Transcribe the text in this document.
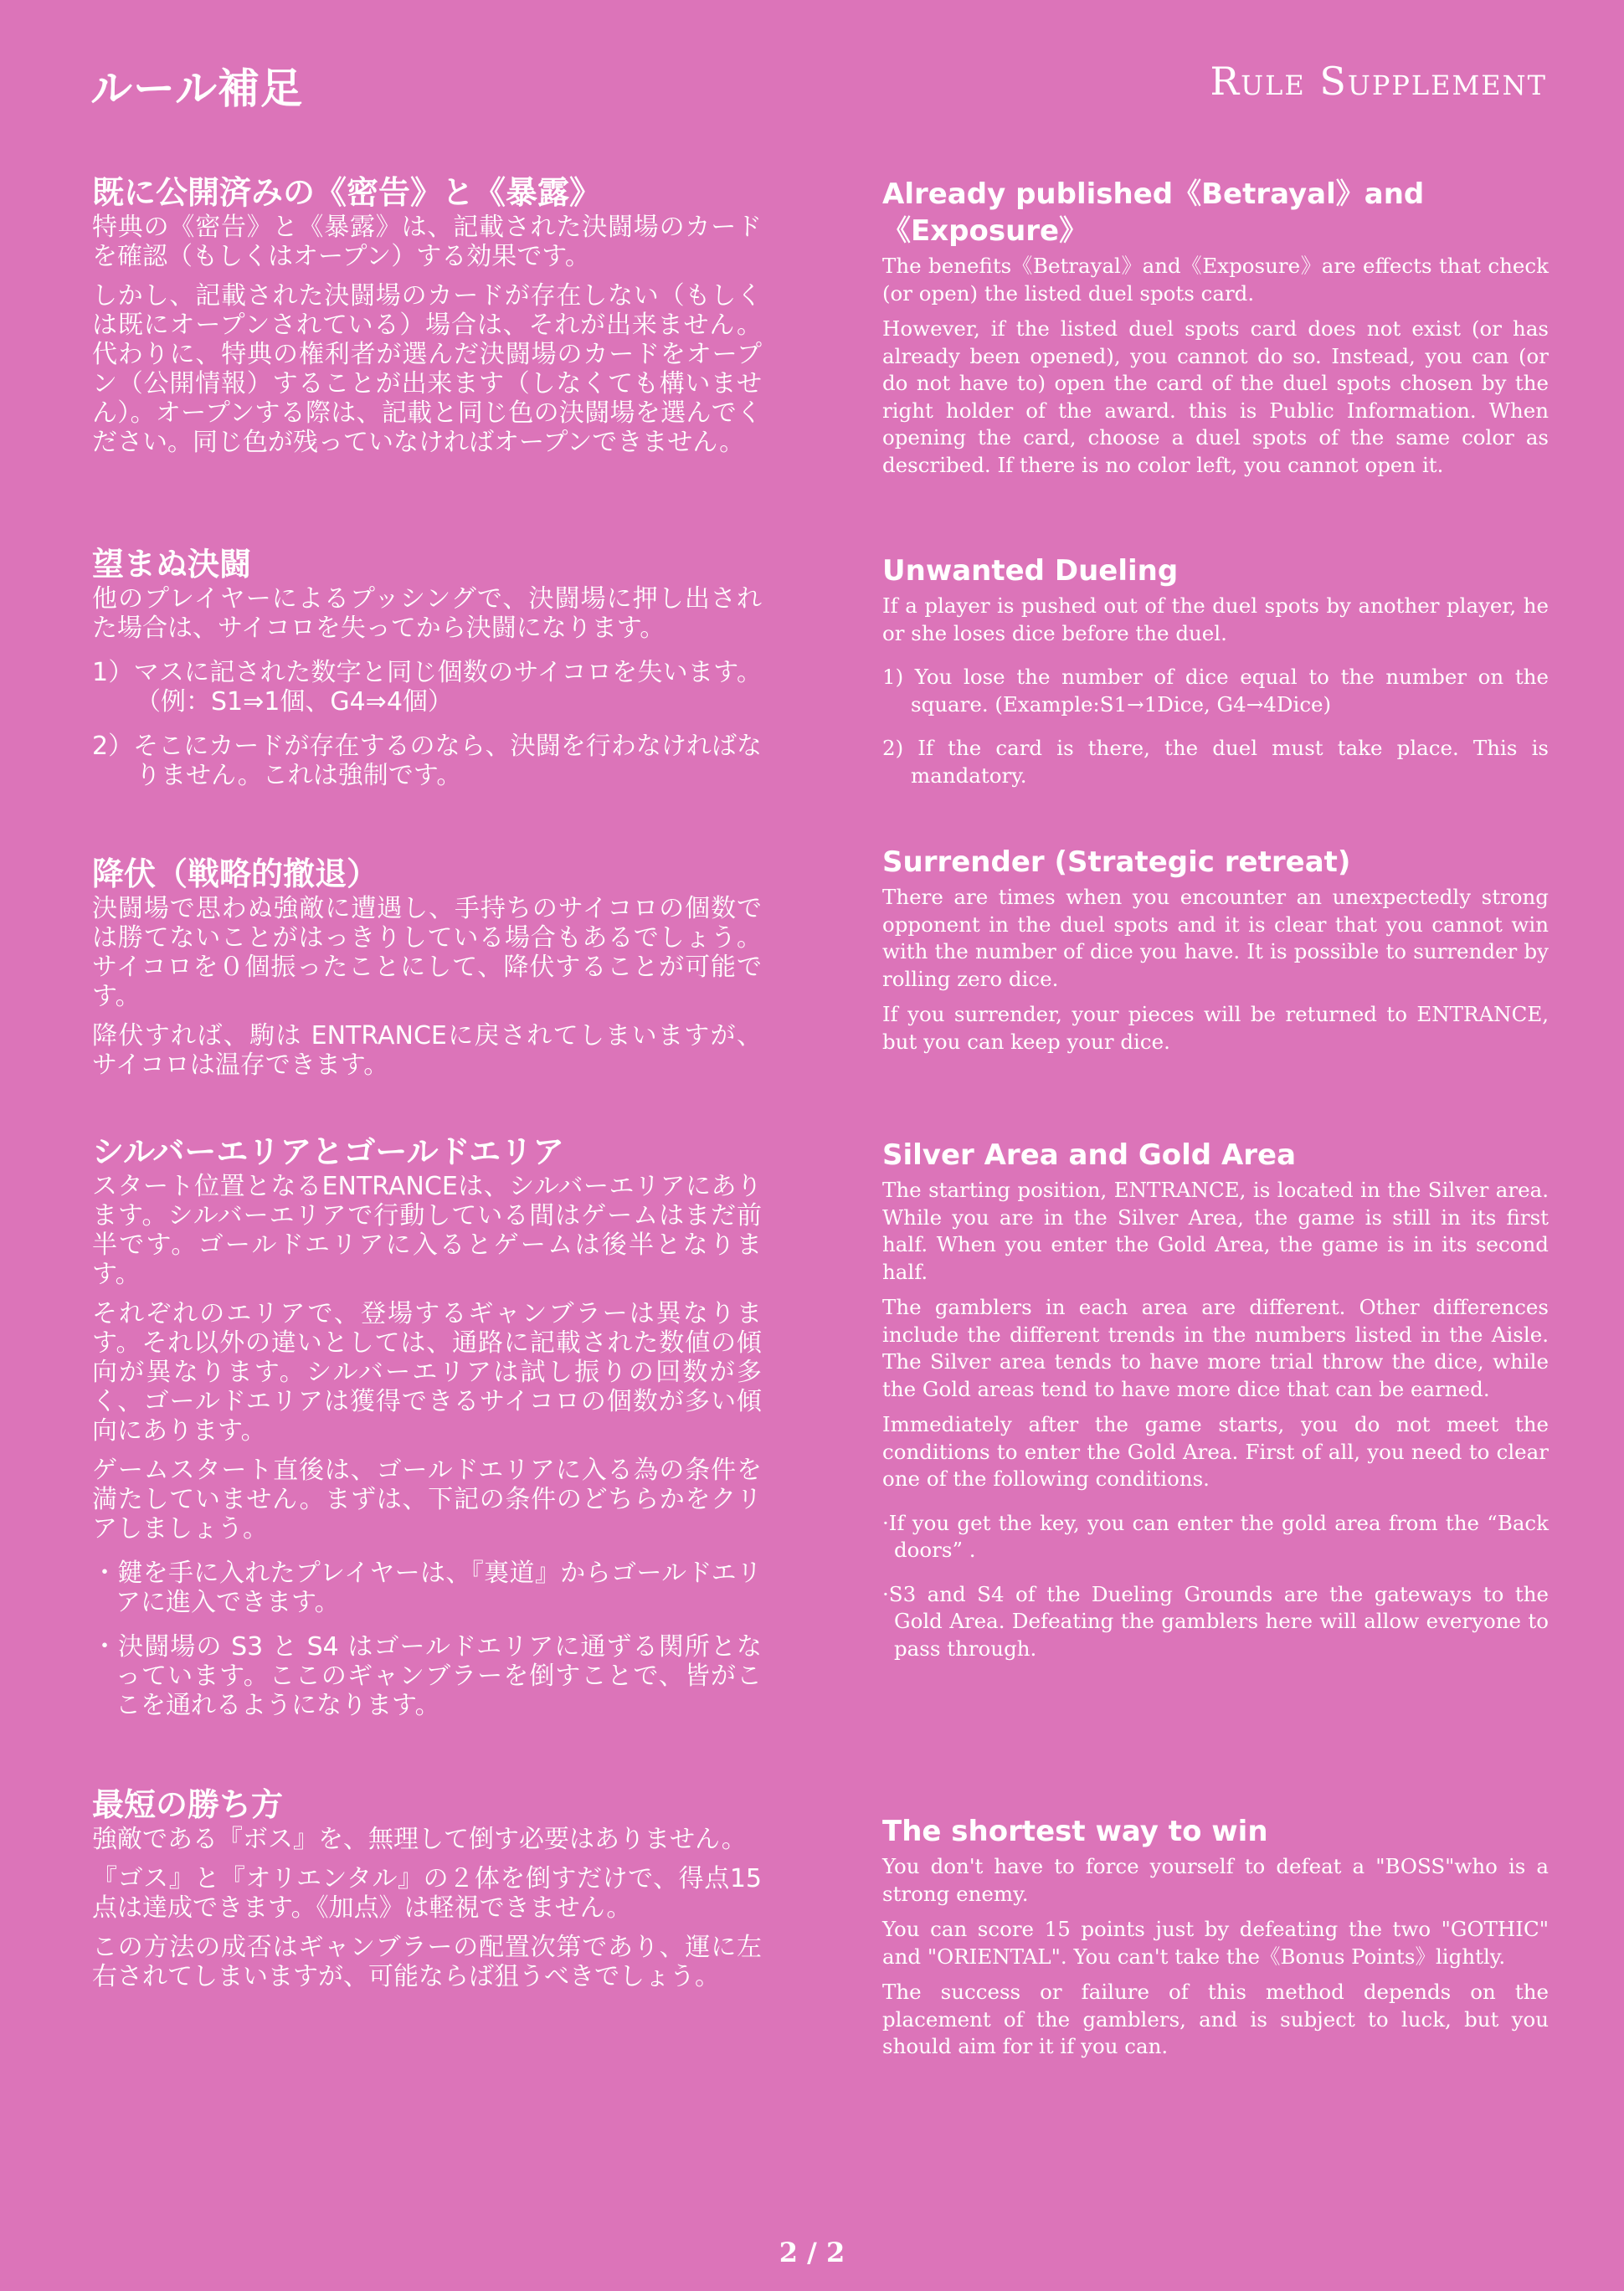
ルール補足	Rule Supplement
既に公開済みの《密告》と《暴露》

特典の《密告》と《暴露》は、記載された決闘場のカードを確認（もしくはオープン）する効果です。

しかし、記載された決闘場のカードが存在しない（もしくは既にオープンされている）場合は、それが出来ません。代わりに、特典の権利者が選んだ決闘場のカードをオープン（公開情報）することが出来ます（しなくても構いません）。オープンする際は、記載と同じ色の決闘場を選んでください。同じ色が残っていなければオープンできません。

Already published《Betrayal》and《Exposure》

The benefits《Betrayal》and《Exposure》are effects that check (or open) the listed duel spots card.

However, if the listed duel spots card does not exist (or has already been opened), you cannot do so. Instead, you can (or do not have to) open the card of the duel spots chosen by the right holder of the award. this is Public Information. When opening the card, choose a duel spots of the same color as described. If there is no color left, you cannot open it.

望まぬ決闘

他のプレイヤーによるプッシングで、決闘場に押し出された場合は、サイコロを失ってから決闘になります。

1）マスに記された数字と同じ個数のサイコロを失います。（例：S1⇒1個、G4⇒4個）

2）そこにカードが存在するのなら、決闘を行わなければなりません。これは強制です。

Unwanted Dueling

If a player is pushed out of the duel spots by another player, he or she loses dice before the duel.

1) You lose the number of dice equal to the number on the square. (Example:S1→1Dice, G4→4Dice)

2) If the card is there, the duel must take place. This is mandatory.

降伏（戦略的撤退）

決闘場で思わぬ強敵に遭遇し、手持ちのサイコロの個数では勝てないことがはっきりしている場合もあるでしょう。サイコロを０個振ったことにして、降伏することが可能です。

降伏すれば、駒は ENTRANCEに戻されてしまいますが、サイコロは温存できます。

Surrender (Strategic retreat)

There are times when you encounter an unexpectedly strong opponent in the duel spots and it is clear that you cannot win with the number of dice you have. It is possible to surrender by rolling zero dice.

If you surrender, your pieces will be returned to ENTRANCE, but you can keep your dice.

シルバーエリアとゴールドエリア

スタート位置となるENTRANCEは、シルバーエリアにあります。シルバーエリアで行動している間はゲームはまだ前半です。ゴールドエリアに入るとゲームは後半となります。

それぞれのエリアで、登場するギャンブラーは異なります。それ以外の違いとしては、通路に記載された数値の傾向が異なります。シルバーエリアは試し振りの回数が多く、ゴールドエリアは獲得できるサイコロの個数が多い傾向にあります。

ゲームスタート直後は、ゴールドエリアに入る為の条件を満たしていません。まずは、下記の条件のどちらかをクリアしましょう。

・鍵を手に入れたプレイヤーは、『裏道』からゴールドエリアに進入できます。

・決闘場の S3 と S4 はゴールドエリアに通ずる関所となっています。ここのギャンブラーを倒すことで、皆がここを通れるようになります。

Silver Area and Gold Area

The starting position, ENTRANCE, is located in the Silver area. While you are in the Silver Area, the game is still in its first half. When you enter the Gold Area, the game is in its second half.

The gamblers in each area are different. Other differences include the different trends in the numbers listed in the Aisle. The Silver area tends to have more trial throw the dice, while the Gold areas tend to have more dice that can be earned.

Immediately after the game starts, you do not meet the conditions to enter the Gold Area. First of all, you need to clear one of the following conditions.

·If you get the key, you can enter the gold area from the “Back doors” .

·S3 and S4 of the Dueling Grounds are the gateways to the Gold Area. Defeating the gamblers here will allow everyone to pass through.

最短の勝ち方

強敵である『ボス』を、無理して倒す必要はありません。

『ゴス』と『オリエンタル』の２体を倒すだけで、得点15点は達成できます。《加点》は軽視できません。

この方法の成否はギャンブラーの配置次第であり、運に左右されてしまいますが、可能ならば狙うべきでしょう。

The shortest way to win

You don't have to force yourself to defeat a "BOSS"who is a strong enemy.

You can score 15 points just by defeating the two "GOTHIC" and "ORIENTAL". You can't take the《Bonus Points》lightly.

The success or failure of this method depends on the placement of the gamblers, and is subject to luck, but you should aim for it if you can.

2 / 2
